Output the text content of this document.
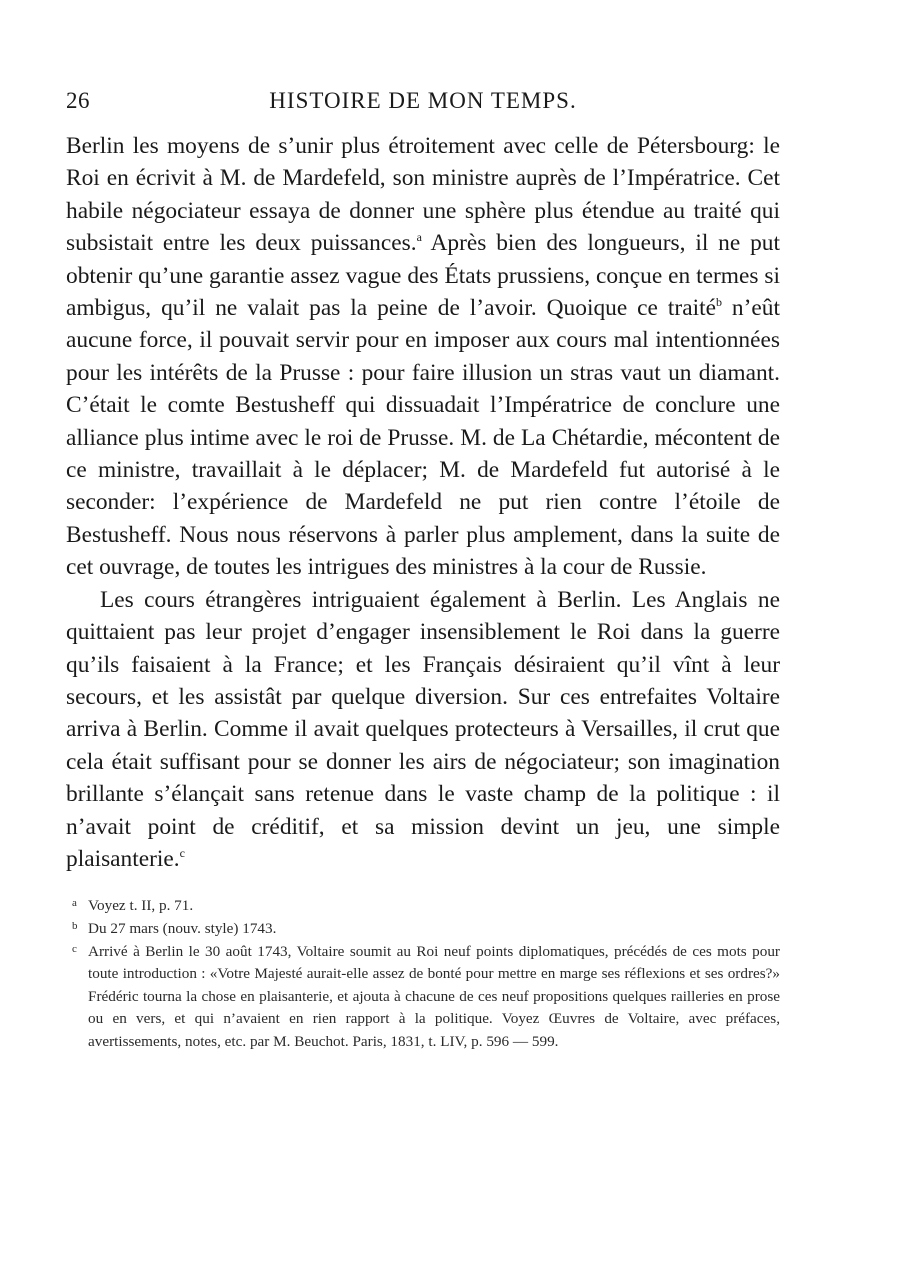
26	HISTOIRE DE MON TEMPS.

Berlin les moyens de s’unir plus étroitement avec celle de Pétersbourg: le Roi en écrivit à M. de Mardefeld, son ministre auprès de l’Impératrice. Cet habile négociateur essaya de donner une sphère plus étendue au traité qui subsistait entre les deux puissances.$^a$ Après bien des longueurs, il ne put obtenir qu’une garantie assez vague des États prussiens, conçue en termes si ambigus, qu’il ne valait pas la peine de l’avoir. Quoique ce traité$^b$ n’eût aucune force, il pouvait servir pour en imposer aux cours mal intentionnées pour les intérêts de la Prusse : pour faire illusion un stras vaut un diamant. C’était le comte Bestusheff qui dissuadait l’Impératrice de conclure une alliance plus intime avec le roi de Prusse. M. de La Chétardie, mécontent de ce ministre, travaillait à le déplacer; M. de Mardefeld fut autorisé à le seconder: l’expérience de Mardefeld ne put rien contre l’étoile de Bestusheff. Nous nous réservons à parler plus amplement, dans la suite de cet ouvrage, de toutes les intrigues des ministres à la cour de Russie.

Les cours étrangères intriguaient également à Berlin. Les Anglais ne quittaient pas leur projet d’engager insensiblement le Roi dans la guerre qu’ils faisaient à la France; et les Français désiraient qu’il vînt à leur secours, et les assistât par quelque diversion. Sur ces entrefaites Voltaire arriva à Berlin. Comme il avait quelques protecteurs à Versailles, il crut que cela était suffisant pour se donner les airs de négociateur; son imagination brillante s’élançait sans retenue dans le vaste champ de la politique : il n’avait point de créditif, et sa mission devint un jeu, une simple plaisanterie.$^c$

a Voyez t. II, p. 71.

b Du 27 mars (nouv. style) 1743.

c Arrivé à Berlin le 30 août 1743, Voltaire soumit au Roi neuf points diplomatiques, précédés de ces mots pour toute introduction : «Votre Majesté aurait-elle assez de bonté pour mettre en marge ses réflexions et ses ordres?» Frédéric tourna la chose en plaisanterie, et ajouta à chacune de ces neuf propositions quelques railleries en prose ou en vers, et qui n’avaient en rien rapport à la politique. Voyez Œuvres de Voltaire, avec préfaces, avertissements, notes, etc. par M. Beuchot. Paris, 1831, t. LIV, p. 596 — 599.
